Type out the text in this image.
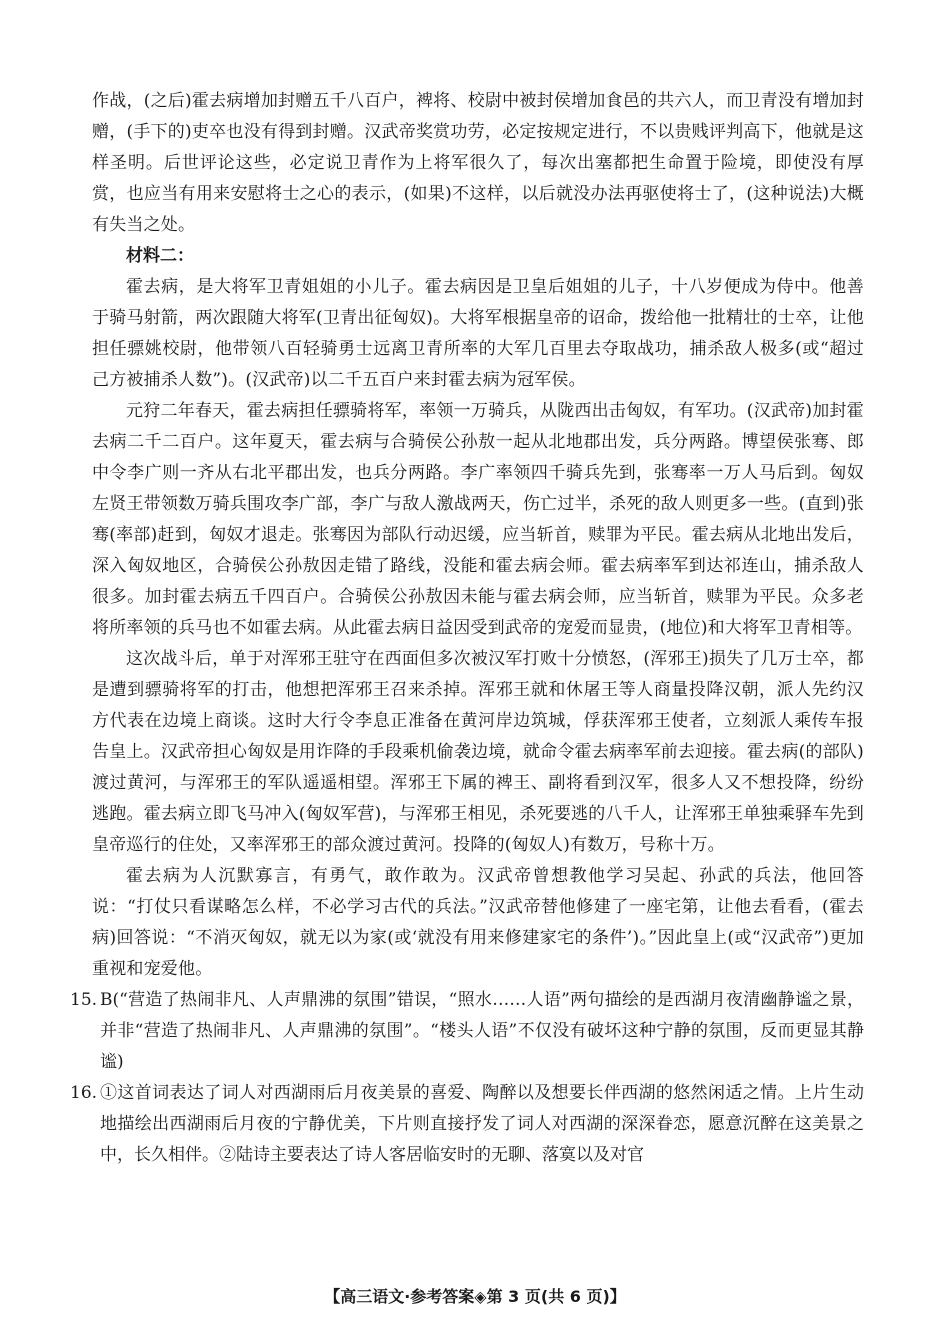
作战，(之后)霍去病增加封赠五千八百户，裨将、校尉中被封侯增加食邑的共六人，而卫青没有增加封赠，(手下的)吏卒也没有得到封赠。汉武帝奖赏功劳，必定按规定进行，不以贵贱评判高下，他就是这样圣明。后世评论这些，必定说卫青作为上将军很久了，每次出塞都把生命置于险境，即使没有厚赏，也应当有用来安慰将士之心的表示，(如果)不这样，以后就没办法再驱使将士了，(这种说法)大概有失当之处。

材料二：

霍去病，是大将军卫青姐姐的小儿子。霍去病因是卫皇后姐姐的儿子，十八岁便成为侍中。他善于骑马射箭，两次跟随大将军(卫青出征匈奴)。大将军根据皇帝的诏命，拨给他一批精壮的士卒，让他担任骠姚校尉，他带领八百轻骑勇士远离卫青所率的大军几百里去夺取战功，捕杀敌人极多(或“超过己方被捕杀人数”)。(汉武帝)以二千五百户来封霍去病为冠军侯。

元狩二年春天，霍去病担任骠骑将军，率领一万骑兵，从陇西出击匈奴，有军功。(汉武帝)加封霍去病二千二百户。这年夏天，霍去病与合骑侯公孙敖一起从北地郡出发，兵分两路。博望侯张骞、郎中令李广则一齐从右北平郡出发，也兵分两路。李广率领四千骑兵先到，张骞率一万人马后到。匈奴左贤王带领数万骑兵围攻李广部，李广与敌人激战两天，伤亡过半，杀死的敌人则更多一些。(直到)张骞(率部)赶到，匈奴才退走。张骞因为部队行动迟缓，应当斩首，赎罪为平民。霍去病从北地出发后，深入匈奴地区，合骑侯公孙敖因走错了路线，没能和霍去病会师。霍去病率军到达祁连山，捕杀敌人很多。加封霍去病五千四百户。合骑侯公孙敖因未能与霍去病会师，应当斩首，赎罪为平民。众多老将所率领的兵马也不如霍去病。从此霍去病日益因受到武帝的宠爱而显贵，(地位)和大将军卫青相等。

这次战斗后，单于对浑邪王驻守在西面但多次被汉军打败十分愤怒，(浑邪王)损失了几万士卒，都是遭到骠骑将军的打击，他想把浑邪王召来杀掉。浑邪王就和休屠王等人商量投降汉朝，派人先约汉方代表在边境上商谈。这时大行令李息正准备在黄河岸边筑城，俘获浑邪王使者，立刻派人乘传车报告皇上。汉武帝担心匈奴是用诈降的手段乘机偷袭边境，就命令霍去病率军前去迎接。霍去病(的部队)渡过黄河，与浑邪王的军队遥遥相望。浑邪王下属的裨王、副将看到汉军，很多人又不想投降，纷纷逃跑。霍去病立即飞马冲入(匈奴军营)，与浑邪王相见，杀死要逃的八千人，让浑邪王单独乘驿车先到皇帝巡行的住处，又率浑邪王的部众渡过黄河。投降的(匈奴人)有数万，号称十万。

霍去病为人沉默寡言，有勇气，敢作敢为。汉武帝曾想教他学习吴起、孙武的兵法，他回答说：“打仗只看谋略怎么样，不必学习古代的兵法。”汉武帝替他修建了一座宅第，让他去看看，(霍去病)回答说：“不消灭匈奴，就无以为家(或‘就没有用来修建家宅的条件’)。”因此皇上(或“汉武帝”)更加重视和宠爱他。

15. B(“营造了热闹非凡、人声鼎沸的氛围”错误，“照水……人语”两句描绘的是西湖月夜清幽静谧之景，并非“营造了热闹非凡、人声鼎沸的氛围”。“楼头人语”不仅没有破坏这种宁静的氛围，反而更显其静谧)
16. ①这首词表达了词人对西湖雨后月夜美景的喜爱、陶醉以及想要长伴西湖的悠然闲适之情。上片生动地描绘出西湖雨后月夜的宁静优美，下片则直接抒发了词人对西湖的深深眷恋，愿意沉醉在这美景之中，长久相伴。②陆诗主要表达了诗人客居临安时的无聊、落寞以及对官
【高三语文·参考答案◈第 3 页(共 6 页)】
